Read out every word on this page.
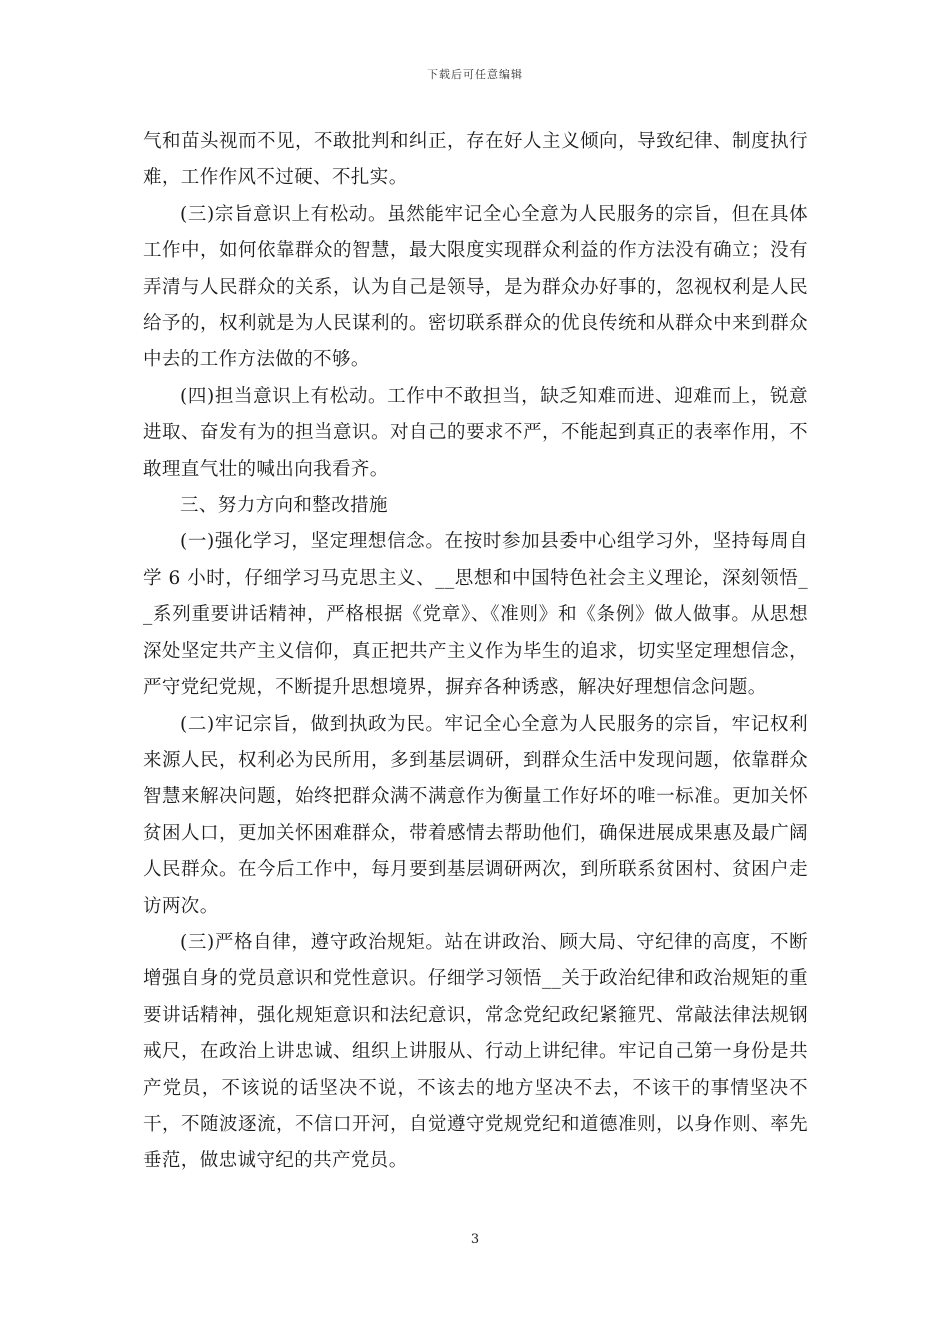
下载后可任意编辑

气和苗头视而不见，不敢批判和纠正，存在好人主义倾向，导致纪律、制度执行难，工作作风不过硬、不扎实。

(三)宗旨意识上有松动。虽然能牢记全心全意为人民服务的宗旨，但在具体工作中，如何依靠群众的智慧，最大限度实现群众利益的作方法没有确立；没有弄清与人民群众的关系，认为自己是领导，是为群众办好事的，忽视权利是人民给予的，权利就是为人民谋利的。密切联系群众的优良传统和从群众中来到群众中去的工作方法做的不够。

(四)担当意识上有松动。工作中不敢担当，缺乏知难而进、迎难而上，锐意进取、奋发有为的担当意识。对自己的要求不严，不能起到真正的表率作用，不敢理直气壮的喊出向我看齐。

三、努力方向和整改措施

(一)强化学习，坚定理想信念。在按时参加县委中心组学习外，坚持每周自学 6 小时，仔细学习马克思主义、__思想和中国特色社会主义理论，深刻领悟__系列重要讲话精神，严格根据《党章》、《准则》和《条例》做人做事。从思想深处坚定共产主义信仰，真正把共产主义作为毕生的追求，切实坚定理想信念，严守党纪党规，不断提升思想境界，摒弃各种诱惑，解决好理想信念问题。

(二)牢记宗旨，做到执政为民。牢记全心全意为人民服务的宗旨，牢记权利来源人民，权利必为民所用，多到基层调研，到群众生活中发现问题，依靠群众智慧来解决问题，始终把群众满不满意作为衡量工作好坏的唯一标准。更加关怀贫困人口，更加关怀困难群众，带着感情去帮助他们，确保进展成果惠及最广阔人民群众。在今后工作中，每月要到基层调研两次，到所联系贫困村、贫困户走访两次。

(三)严格自律，遵守政治规矩。站在讲政治、顾大局、守纪律的高度，不断增强自身的党员意识和党性意识。仔细学习领悟__关于政治纪律和政治规矩的重要讲话精神，强化规矩意识和法纪意识，常念党纪政纪紧箍咒、常敲法律法规钢戒尺，在政治上讲忠诚、组织上讲服从、行动上讲纪律。牢记自己第一身份是共产党员，不该说的话坚决不说，不该去的地方坚决不去，不该干的事情坚决不干，不随波逐流，不信口开河，自觉遵守党规党纪和道德准则，以身作则、率先垂范，做忠诚守纪的共产党员。

3
